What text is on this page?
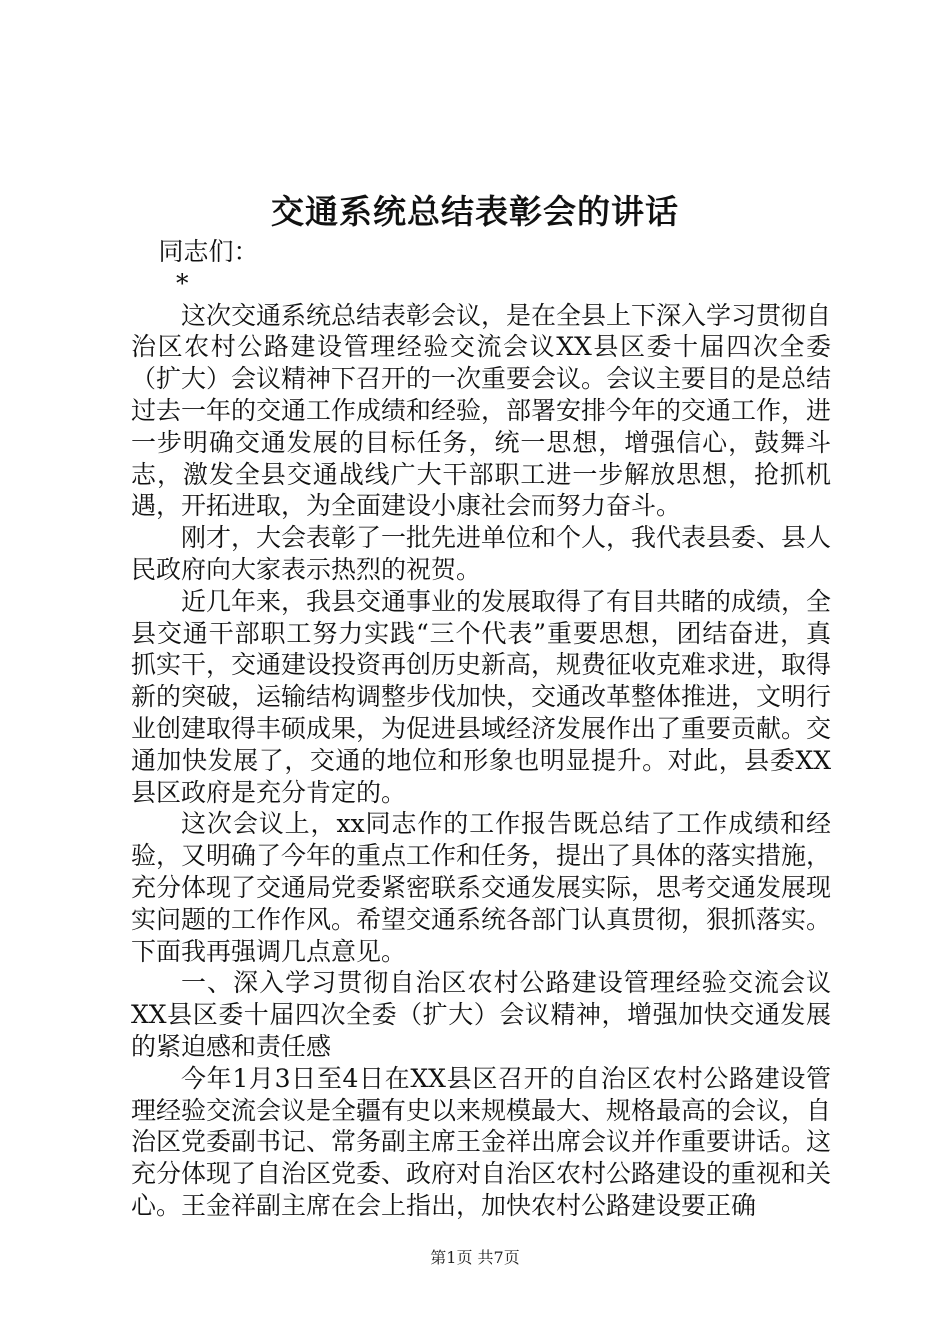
交通系统总结表彰会的讲话

同志们：

*

这次交通系统总结表彰会议，是在全县上下深入学习贯彻自治区农村公路建设管理经验交流会议XX县区委十届四次全委（扩大）会议精神下召开的一次重要会议。会议主要目的是总结过去一年的交通工作成绩和经验，部署安排今年的交通工作，进一步明确交通发展的目标任务，统一思想，增强信心，鼓舞斗志，激发全县交通战线广大干部职工进一步解放思想，抢抓机遇，开拓进取，为全面建设小康社会而努力奋斗。

刚才，大会表彰了一批先进单位和个人，我代表县委、县人民政府向大家表示热烈的祝贺。

近几年来，我县交通事业的发展取得了有目共睹的成绩，全县交通干部职工努力实践“三个代表”重要思想，团结奋进，真抓实干，交通建设投资再创历史新高，规费征收克难求进，取得新的突破，运输结构调整步伐加快，交通改革整体推进，文明行业创建取得丰硕成果，为促进县域经济发展作出了重要贡献。交通加快发展了，交通的地位和形象也明显提升。对此，县委XX县区政府是充分肯定的。

这次会议上，xx同志作的工作报告既总结了工作成绩和经验，又明确了今年的重点工作和任务，提出了具体的落实措施，充分体现了交通局党委紧密联系交通发展实际，思考交通发展现实问题的工作作风。希望交通系统各部门认真贯彻，狠抓落实。下面我再强调几点意见。

一、深入学习贯彻自治区农村公路建设管理经验交流会议XX县区委十届四次全委（扩大）会议精神，增强加快交通发展的紧迫感和责任感

今年1月3日至4日在XX县区召开的自治区农村公路建设管理经验交流会议是全疆有史以来规模最大、规格最高的会议，自治区党委副书记、常务副主席王金祥出席会议并作重要讲话。这充分体现了自治区党委、政府对自治区农村公路建设的重视和关心。王金祥副主席在会上指出，加快农村公路建设要正确

第1页 共7页
